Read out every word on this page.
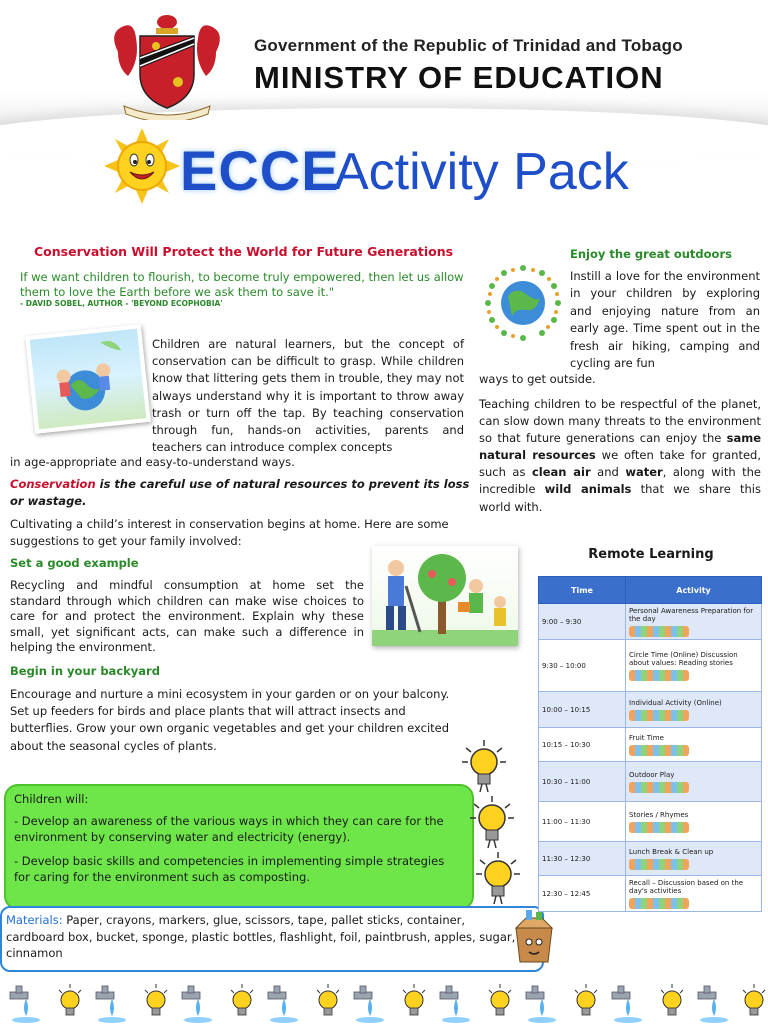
Government of the Republic of Trinidad and Tobago
MINISTRY OF EDUCATION
ECCE
Activity Pack
Conservation Will Protect the World for Future Generations
If we want children to flourish, to become truly empowered, then let us allow them to love the Earth before we ask them to save it."
- DAVID SOBEL, AUTHOR - 'BEYOND ECOPHOBIA'
Children are natural learners, but the concept of conservation can be difficult to grasp. While children know that littering gets them in trouble, they may not always understand why it is important to throw away trash or turn off the tap. By teaching conservation through fun, hands-on activities, parents and teachers can introduce complex concepts
in age-appropriate and easy-to-understand ways.
Conservation is the careful use of natural resources to prevent its loss or wastage.
Cultivating a child’s interest in conservation begins at home. Here are some suggestions to get your family involved:
Set a good example
Recycling and mindful consumption at home set the standard through which children can make wise choices to care for and protect the environment. Explain why these small, yet significant acts, can make such a difference in helping the environment.
Begin in your backyard
Encourage and nurture a mini ecosystem in your garden or on your balcony. Set up feeders for birds and place plants that will attract insects and butterflies. Grow your own organic vegetables and get your children excited about the seasonal cycles of plants.
Children will:
- Develop an awareness of the various ways in which they can care for the environment by conserving water and electricity (energy).
- Develop basic skills and competencies in implementing simple strategies for caring for the environment such as composting.
Materials: Paper, crayons, markers, glue, scissors, tape, pallet sticks, container, cardboard box, bucket, sponge, plastic bottles, flashlight, foil, paintbrush, apples, sugar, cinnamon
Enjoy the great outdoors
Instill a love for the environment in your children by exploring and enjoying nature from an early age. Time spent out in the fresh air hiking, camping and cycling are fun
ways to get outside.
Teaching children to be respectful of the planet, can slow down many threats to the environment so that future generations can enjoy the same natural resources we often take for granted, such as clean air and water, along with the incredible wild animals that we share this world with.
Remote Learning
Time	Activity
9:00 – 9:30	Personal Awareness Preparation for the day

9:30 – 10:00	Circle Time (Online) Discussion about values: Reading stories

10:00 – 10:15	Individual Activity (Online)

10:15 – 10:30	Fruit Time

10:30 – 11:00	Outdoor Play

11:00 – 11:30	Stories / Rhymes

11:30 – 12:30	Lunch Break & Clean up

12:30 – 12:45	Recall – Discussion based on the day's activities
